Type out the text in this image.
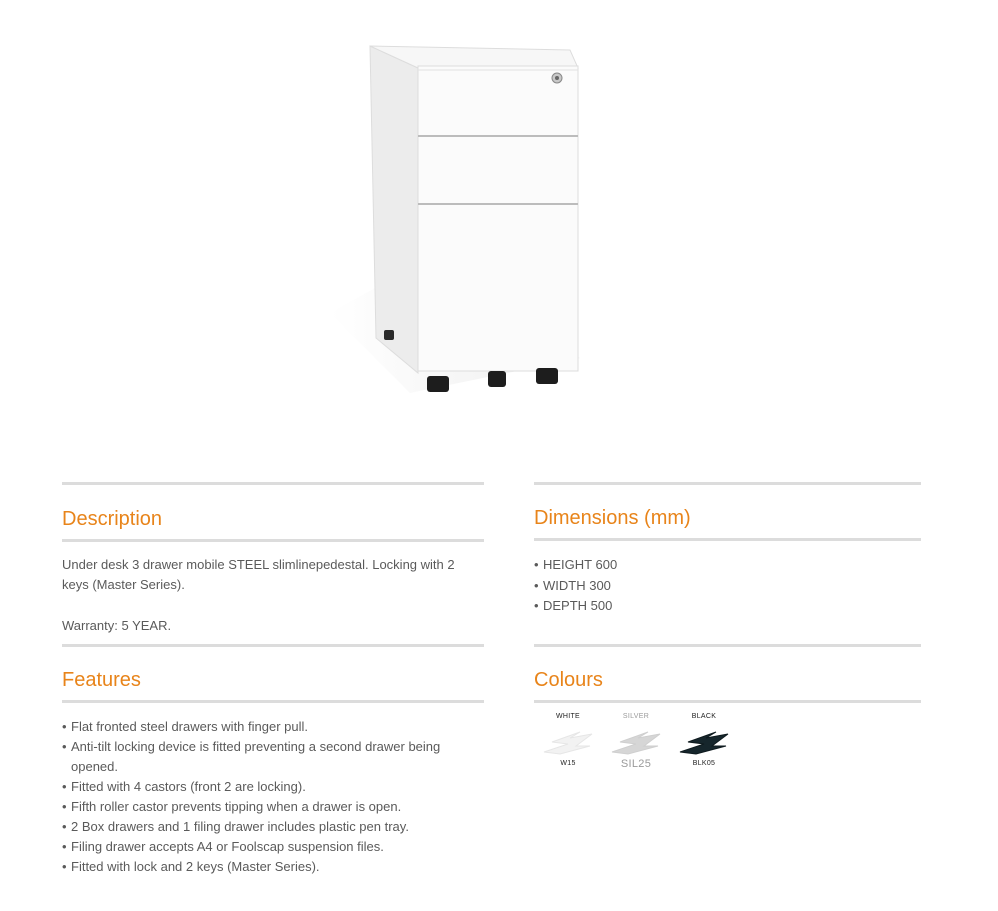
Description

Under desk 3 drawer mobile STEEL slimlinepedestal. Locking with 2 keys (Master Series).

Warranty: 5 YEAR.

Features
• Flat fronted steel drawers with finger pull.
• Anti-tilt locking device is fitted preventing a second drawer being opened.
• Fitted with 4 castors (front 2 are locking).
• Fifth roller castor prevents tipping when a drawer is open.
• 2 Box drawers and 1 filing drawer includes plastic pen tray.
• Filing drawer accepts A4 or Foolscap suspension files.
• Fitted with lock and 2 keys (Master Series).
Dimensions (mm)
• HEIGHT 600
• WIDTH 300
• DEPTH 500
Colours
WHITE
W15
SILVER
SIL25
BLACK
BLK05
